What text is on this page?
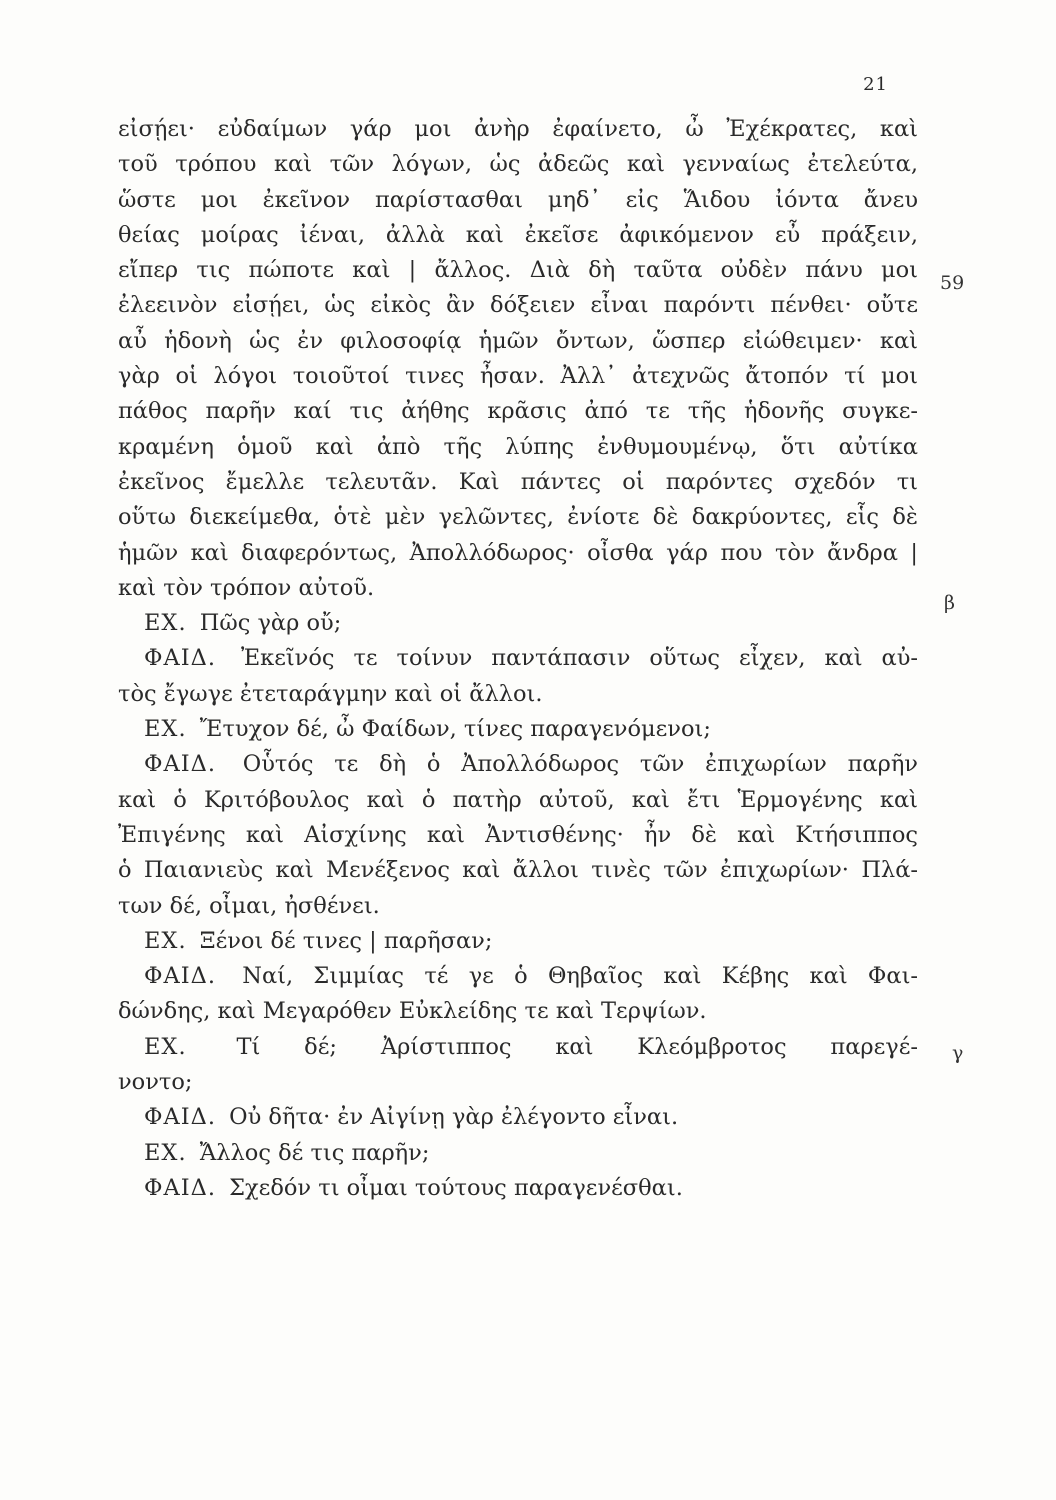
21
εἰσῄει· εὐδαίμων γάρ μοι ἀνὴρ ἐφαίνετο, ὦ Ἐχέκρατες, καὶ
τοῦ τρόπου καὶ τῶν λόγων, ὡς ἀδεῶς καὶ γενναίως ἐτελεύτα,
ὥστε μοι ἐκεῖνον παρίστασθαι μηδ᾽ εἰς Ἅιδου ἰόντα ἄνευ
θείας μοίρας ἰέναι, ἀλλὰ καὶ ἐκεῖσε ἀφικόμενον εὖ πράξειν,
εἴπερ τις πώποτε καὶ | ἄλλος. Διὰ δὴ ταῦτα οὐδὲν πάνυ μοι
ἐλεεινὸν εἰσῄει, ὡς εἰκὸς ἂν δόξειεν εἶναι παρόντι πένθει· οὔτε
αὖ ἡδονὴ ὡς ἐν φιλοσοφίᾳ ἡμῶν ὄντων, ὥσπερ εἰώθειμεν· καὶ
γὰρ οἱ λόγοι τοιοῦτοί τινες ἦσαν. Ἀλλ᾽ ἀτεχνῶς ἄτοπόν τί μοι
πάθος παρῆν καί τις ἀήθης κρᾶσις ἀπό τε τῆς ἡδονῆς συγκε-
κραμένη ὁμοῦ καὶ ἀπὸ τῆς λύπης ἐνθυμουμένῳ, ὅτι αὐτίκα
ἐκεῖνος ἔμελλε τελευτᾶν. Καὶ πάντες οἱ παρόντες σχεδόν τι
οὕτω διεκείμεθα, ὁτὲ μὲν γελῶντες, ἐνίοτε δὲ δακρύοντες, εἷς δὲ
ἡμῶν καὶ διαφερόντως, Ἀπολλόδωρος· οἶσθα γάρ που τὸν ἄνδρα |
καὶ τὸν τρόπον αὐτοῦ.
ΕΧ. Πῶς γὰρ οὔ;
ΦΑΙΔ. Ἐκεῖνός τε τοίνυν παντάπασιν οὕτως εἶχεν, καὶ αὐ-
τὸς ἔγωγε ἐτεταράγμην καὶ οἱ ἄλλοι.
ΕΧ. Ἔτυχον δέ, ὦ Φαίδων, τίνες παραγενόμενοι;
ΦΑΙΔ. Οὗτός τε δὴ ὁ Ἀπολλόδωρος τῶν ἐπιχωρίων παρῆν
καὶ ὁ Κριτόβουλος καὶ ὁ πατὴρ αὐτοῦ, καὶ ἔτι Ἑρμογένης καὶ
Ἐπιγένης καὶ Αἰσχίνης καὶ Ἀντισθένης· ἦν δὲ καὶ Κτήσιππος
ὁ Παιανιεὺς καὶ Μενέξενος καὶ ἄλλοι τινὲς τῶν ἐπιχωρίων· Πλά-
των δέ, οἶμαι, ἠσθένει.
ΕΧ. Ξένοι δέ τινες | παρῆσαν;
ΦΑΙΔ. Ναί, Σιμμίας τέ γε ὁ Θηβαῖος καὶ Κέβης καὶ Φαι-
δώνδης, καὶ Μεγαρόθεν Εὐκλείδης τε καὶ Τερψίων.
ΕΧ. Τί δέ; Ἀρίστιππος καὶ Κλεόμβροτος παρεγέ-
νοντο;
ΦΑΙΔ. Οὐ δῆτα· ἐν Αἰγίνῃ γὰρ ἐλέγοντο εἶναι.
ΕΧ. Ἄλλος δέ τις παρῆν;
ΦΑΙΔ. Σχεδόν τι οἶμαι τούτους παραγενέσθαι.
59
β
γ
